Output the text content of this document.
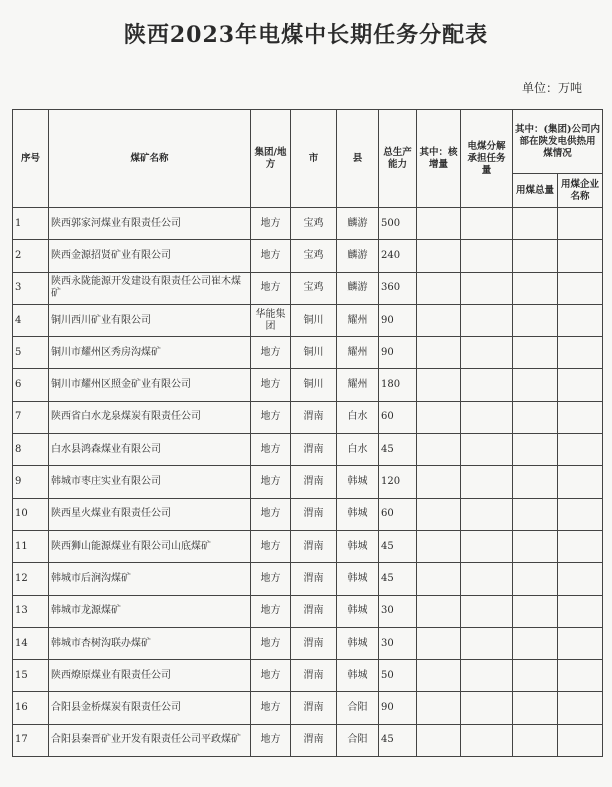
陕西2023年电煤中长期任务分配表
单位：万吨
序号	煤矿名称	集团/地方	市	县	总生产能力	其中：核增量	电煤分解承担任务量	其中：(集团)公司内部在陕发电供热用煤情况	
								用煤总量	用煤企业名称
1	陕西郭家河煤业有限责任公司	地方	宝鸡	麟游	500				
2	陕西金源招贤矿业有限公司	地方	宝鸡	麟游	240				
3	陕西永陇能源开发建设有限责任公司崔木煤矿	地方	宝鸡	麟游	360				
4	铜川西川矿业有限公司	华能集团	铜川	耀州	90				
5	铜川市耀州区秀房沟煤矿	地方	铜川	耀州	90				
6	铜川市耀州区照金矿业有限公司	地方	铜川	耀州	180				
7	陕西省白水龙泉煤炭有限责任公司	地方	渭南	白水	60				
8	白水县鸿森煤业有限公司	地方	渭南	白水	45				
9	韩城市枣庄实业有限公司	地方	渭南	韩城	120				
10	陕西星火煤业有限责任公司	地方	渭南	韩城	60				
11	陕西狮山能源煤业有限公司山底煤矿	地方	渭南	韩城	45				
12	韩城市后涧沟煤矿	地方	渭南	韩城	45				
13	韩城市龙源煤矿	地方	渭南	韩城	30				
14	韩城市杏树沟联办煤矿	地方	渭南	韩城	30				
15	陕西燎原煤业有限责任公司	地方	渭南	韩城	50				
16	合阳县金桥煤炭有限责任公司	地方	渭南	合阳	90				
17	合阳县秦晋矿业开发有限责任公司平政煤矿	地方	渭南	合阳	45				
